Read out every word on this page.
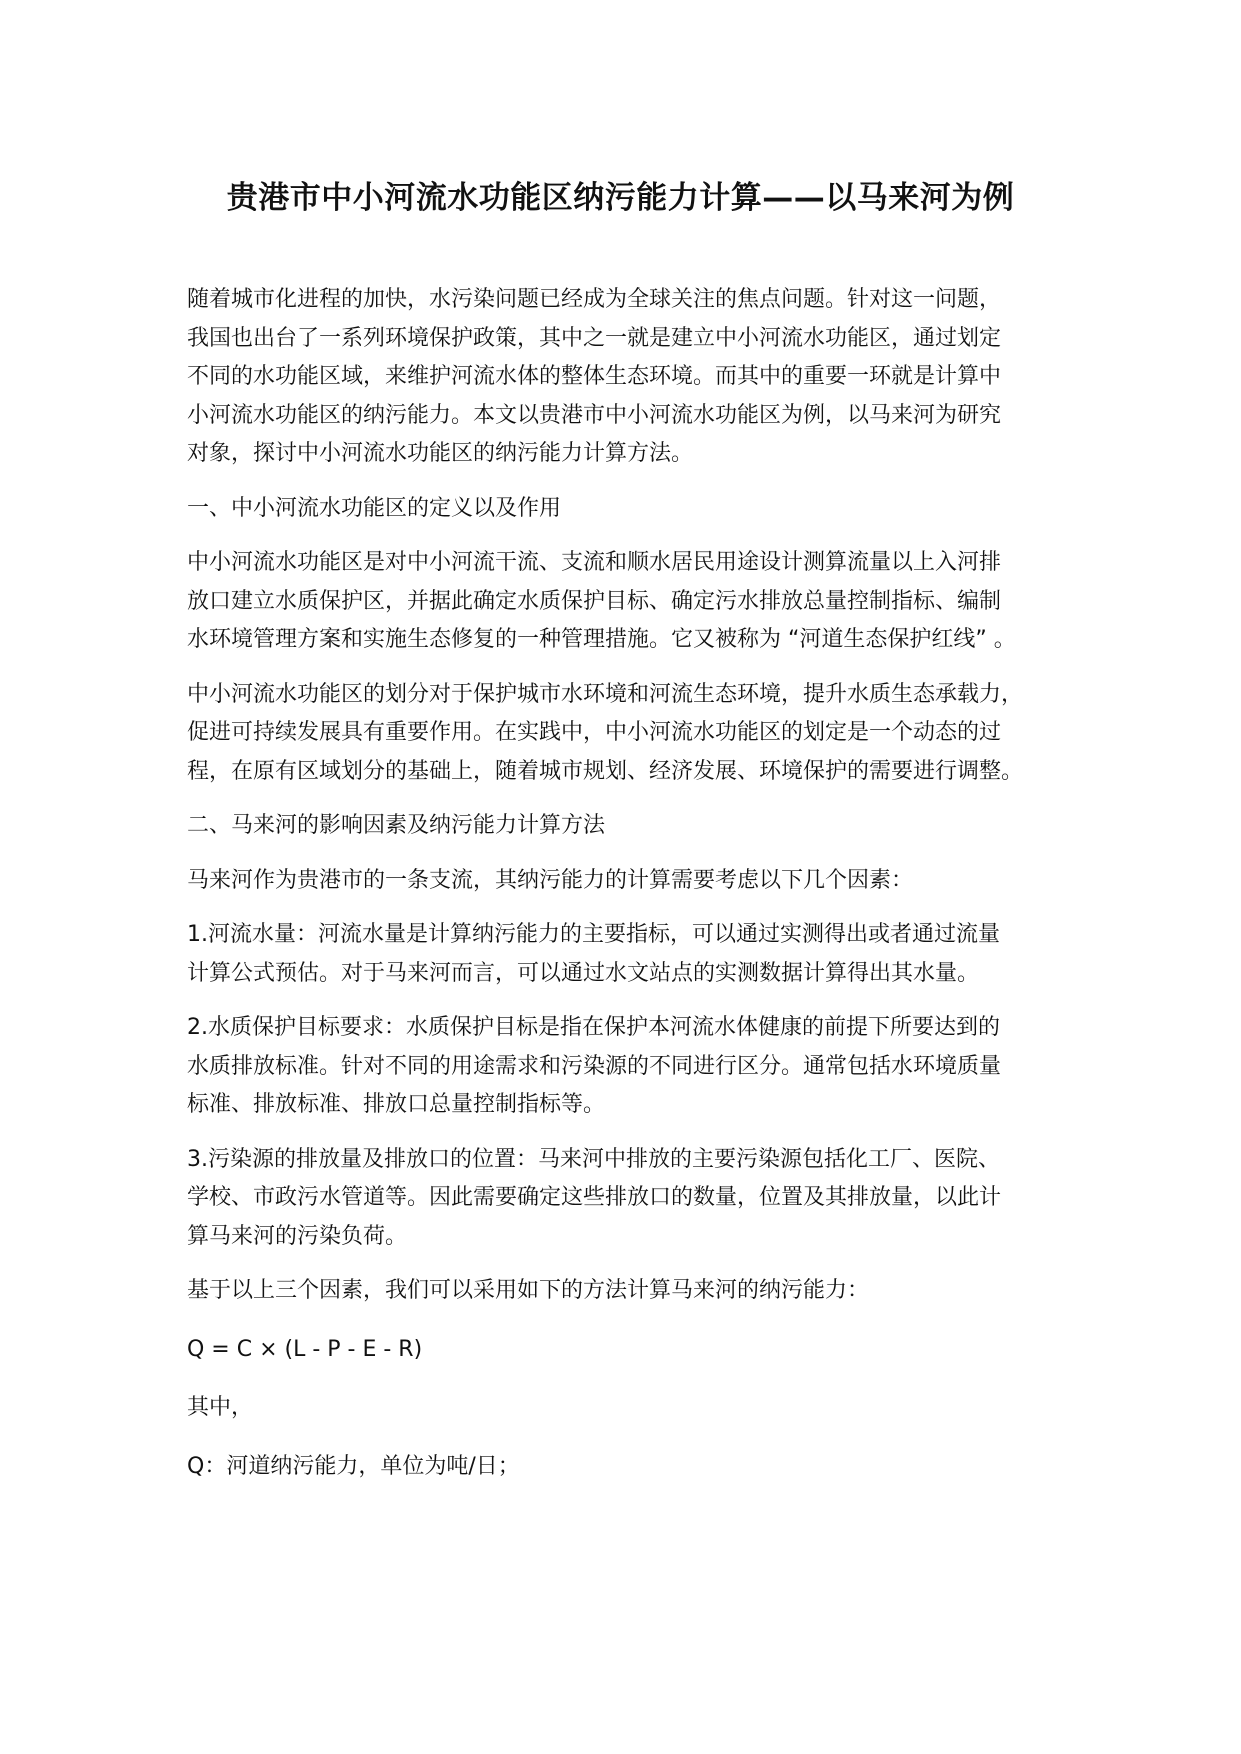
贵港市中小河流水功能区纳污能力计算——以马来河为例
随着城市化进程的加快，水污染问题已经成为全球关注的焦点问题。针对这一问题，
我国也出台了一系列环境保护政策，其中之一就是建立中小河流水功能区，通过划定
不同的水功能区域，来维护河流水体的整体生态环境。而其中的重要一环就是计算中
小河流水功能区的纳污能力。本文以贵港市中小河流水功能区为例，以马来河为研究
对象，探讨中小河流水功能区的纳污能力计算方法。
一、中小河流水功能区的定义以及作用
中小河流水功能区是对中小河流干流、支流和顺水居民用途设计测算流量以上入河排
放口建立水质保护区，并据此确定水质保护目标、确定污水排放总量控制指标、编制
水环境管理方案和实施生态修复的一种管理措施。它又被称为 “河道生态保护红线” 。
中小河流水功能区的划分对于保护城市水环境和河流生态环境，提升水质生态承载力，
促进可持续发展具有重要作用。在实践中，中小河流水功能区的划定是一个动态的过
程，在原有区域划分的基础上，随着城市规划、经济发展、环境保护的需要进行调整。
二、马来河的影响因素及纳污能力计算方法
马来河作为贵港市的一条支流，其纳污能力的计算需要考虑以下几个因素：
1.河流水量：河流水量是计算纳污能力的主要指标，可以通过实测得出或者通过流量
计算公式预估。对于马来河而言，可以通过水文站点的实测数据计算得出其水量。
2.水质保护目标要求：水质保护目标是指在保护本河流水体健康的前提下所要达到的
水质排放标准。针对不同的用途需求和污染源的不同进行区分。通常包括水环境质量
标准、排放标准、排放口总量控制指标等。
3.污染源的排放量及排放口的位置：马来河中排放的主要污染源包括化工厂、医院、
学校、市政污水管道等。因此需要确定这些排放口的数量，位置及其排放量，以此计
算马来河的污染负荷。
基于以上三个因素，我们可以采用如下的方法计算马来河的纳污能力：
Q = C × (L - P - E - R)
其中，
Q：河道纳污能力，单位为吨/日；
